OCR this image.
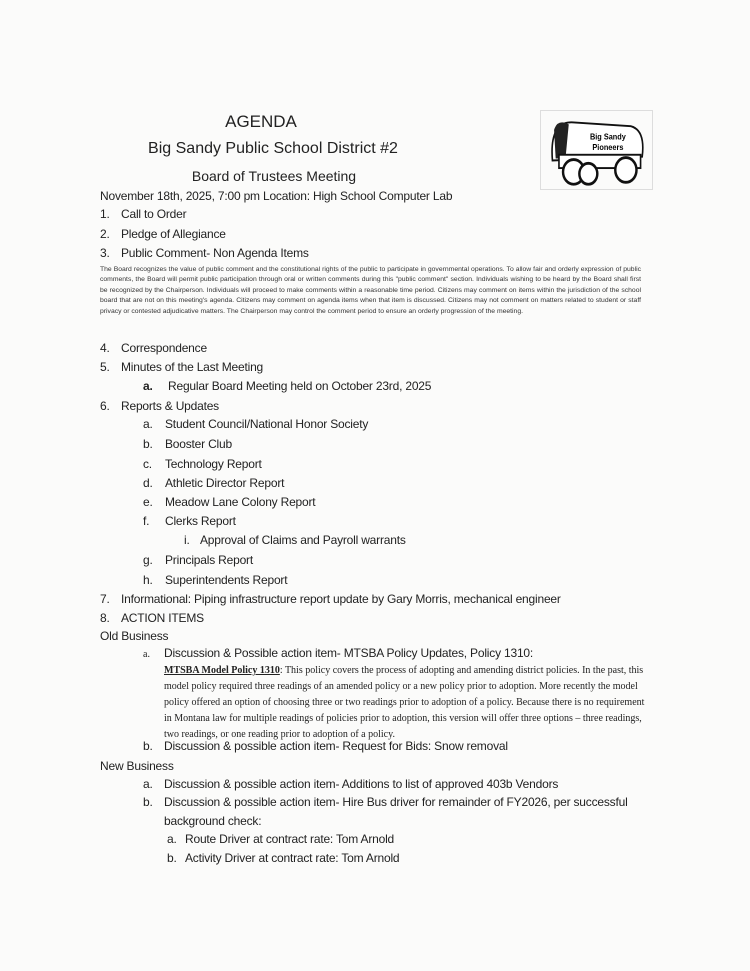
AGENDA
Big Sandy Public School District #2
Board of Trustees Meeting
November 18th, 2025, 7:00 pm Location: High School Computer Lab
Big Sandy
Pioneers
1. Call to Order
2. Pledge of Allegiance
3. Public Comment- Non Agenda Items
The Board recognizes the value of public comment and the constitutional rights of the public to participate in governmental operations. To allow fair and orderly expression of public comments, the Board will permit public participation through oral or written comments during this "public comment" section. Individuals wishing to be heard by the Board shall first be recognized by the Chairperson. Individuals will proceed to make comments within a reasonable time period. Citizens may comment on items within the jurisdiction of the school board that are not on this meeting's agenda. Citizens may comment on agenda items when that item is discussed. Citizens may not comment on matters related to student or staff privacy or contested adjudicative matters. The Chairperson may control the comment period to ensure an orderly progression of the meeting.
4. Correspondence
5. Minutes of the Last Meeting
a. Regular Board Meeting held on October 23rd, 2025
6. Reports & Updates
a. Student Council/National Honor Society
b. Booster Club
c. Technology Report
d. Athletic Director Report
e. Meadow Lane Colony Report
f. Clerks Report
i. Approval of Claims and Payroll warrants
g. Principals Report
h. Superintendents Report
7. Informational: Piping infrastructure report update by Gary Morris, mechanical engineer
8. ACTION ITEMS
Old Business
a. Discussion & Possible action item- MTSBA Policy Updates, Policy 1310:
MTSBA Model Policy 1310: This policy covers the process of adopting and amending district policies. In the past, this model policy required three readings of an amended policy or a new policy prior to adoption. More recently the model policy offered an option of choosing three or two readings prior to adoption of a policy. Because there is no requirement in Montana law for multiple readings of policies prior to adoption, this version will offer three options – three readings, two readings, or one reading prior to adoption of a policy.
b. Discussion & possible action item- Request for Bids: Snow removal
New Business
a. Discussion & possible action item- Additions to list of approved 403b Vendors
b. Discussion & possible action item- Hire Bus driver for remainder of FY2026, per successful
background check:
a. Route Driver at contract rate: Tom Arnold
b. Activity Driver at contract rate: Tom Arnold
